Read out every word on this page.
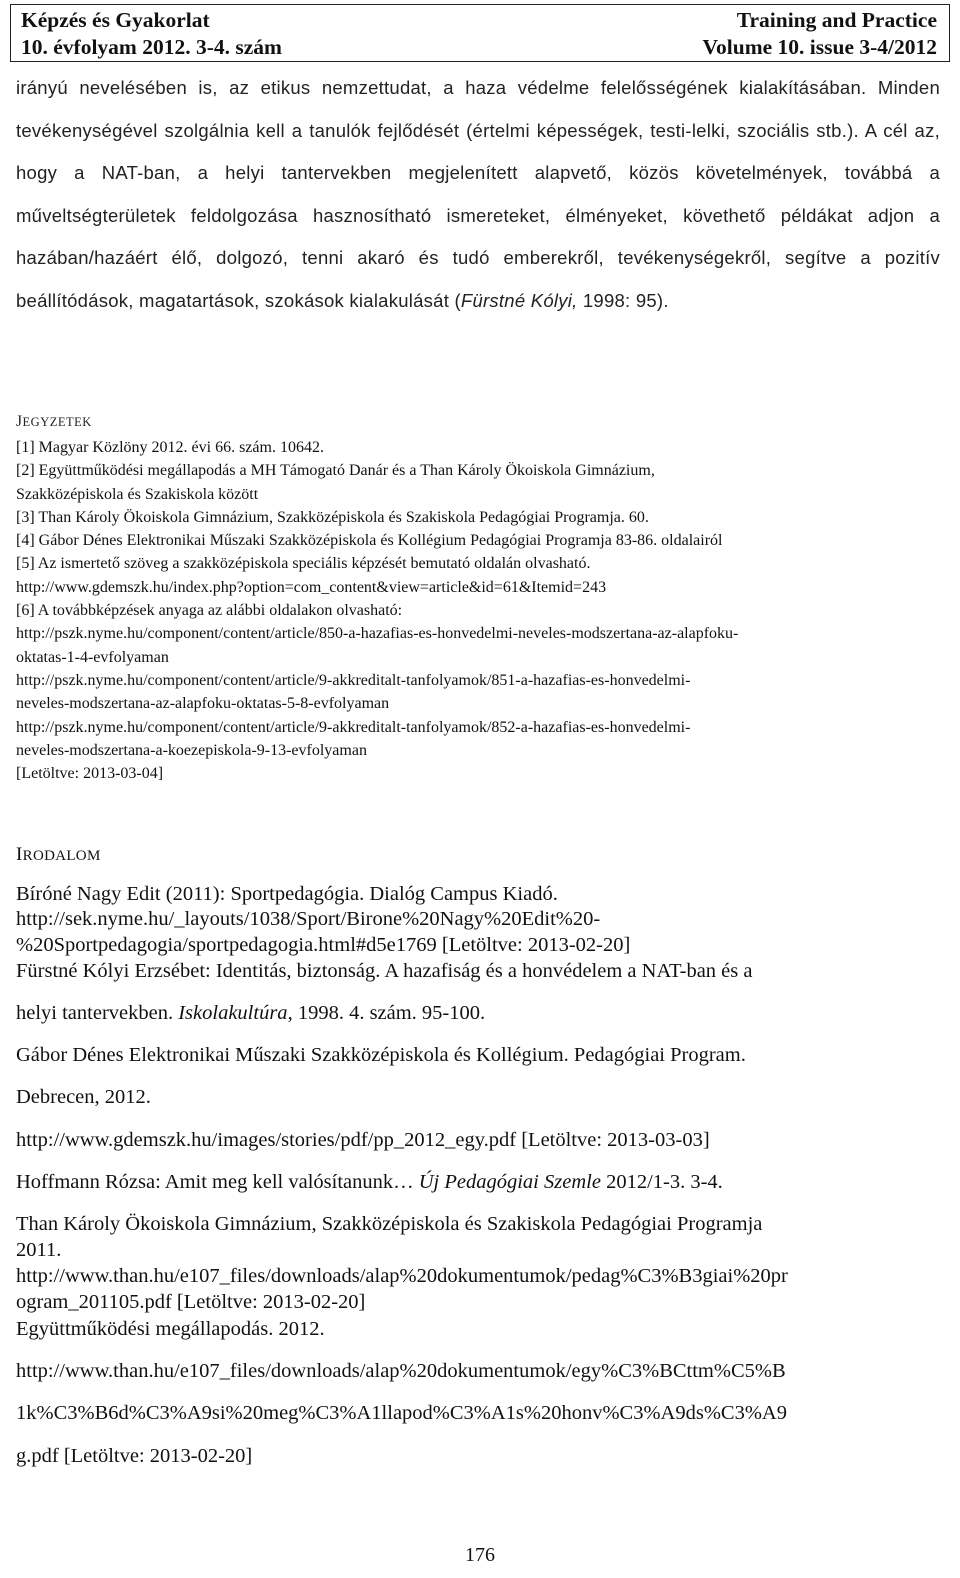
Képzés és Gyakorlat
10. évfolyam 2012. 3-4. szám
Training and Practice
Volume 10. issue 3-4/2012

irányú nevelésében is, az etikus nemzettudat, a haza védelme felelősségének kialakításában. Minden tevékenységével szolgálnia kell a tanulók fejlődését (értelmi képességek, testi-lelki, szociális stb.). A cél az, hogy a NAT-ban, a helyi tantervekben megjelenített alapvető, közös követelmények, továbbá a műveltségterületek feldolgozása hasznosítható ismereteket, élményeket, követhető példákat adjon a hazában/hazáért élő, dolgozó, tenni akaró és tudó emberekről, tevékenységekről, segítve a pozitív beállítódások, magatartások, szokások kialakulását (Fürstné Kólyi, 1998: 95).

JEGYZETEK
[1] Magyar Közlöny 2012. évi 66. szám. 10642.
[2] Együttműködési megállapodás a MH Támogató Danár és a Than Károly Ökoiskola Gimnázium,
Szakközépiskola és Szakiskola között
[3] Than Károly Ökoiskola Gimnázium, Szakközépiskola és Szakiskola Pedagógiai Programja. 60.
[4] Gábor Dénes Elektronikai Műszaki Szakközépiskola és Kollégium Pedagógiai Programja 83-86. oldalairól
[5] Az ismertető szöveg a szakközépiskola speciális képzését bemutató oldalán olvasható.
http://www.gdemszk.hu/index.php?option=com_content&view=article&id=61&Itemid=243
[6] A továbbképzések anyaga az alábbi oldalakon olvasható:
http://pszk.nyme.hu/component/content/article/850-a-hazafias-es-honvedelmi-neveles-modszertana-az-alapfoku-
oktatas-1-4-evfolyaman
http://pszk.nyme.hu/component/content/article/9-akkreditalt-tanfolyamok/851-a-hazafias-es-honvedelmi-
neveles-modszertana-az-alapfoku-oktatas-5-8-evfolyaman
http://pszk.nyme.hu/component/content/article/9-akkreditalt-tanfolyamok/852-a-hazafias-es-honvedelmi-
neveles-modszertana-a-koezepiskola-9-13-evfolyaman
[Letöltve: 2013-03-04]
IRODALOM
Bíróné Nagy Edit (2011): Sportpedagógia. Dialóg Campus Kiadó.
http://sek.nyme.hu/_layouts/1038/Sport/Birone%20Nagy%20Edit%20-
%20Sportpedagogia/sportpedagogia.html#d5e1769 [Letöltve: 2013-02-20]
Fürstné Kólyi Erzsébet: Identitás, biztonság. A hazafiság és a honvédelem a NAT-ban és a
helyi tantervekben. Iskolakultúra, 1998. 4. szám. 95-100.
Gábor Dénes Elektronikai Műszaki Szakközépiskola és Kollégium. Pedagógiai Program.
Debrecen, 2012.
http://www.gdemszk.hu/images/stories/pdf/pp_2012_egy.pdf [Letöltve: 2013-03-03]
Hoffmann Rózsa: Amit meg kell valósítanunk… Új Pedagógiai Szemle 2012/1-3. 3-4.
Than Károly Ökoiskola Gimnázium, Szakközépiskola és Szakiskola Pedagógiai Programja
2011.
http://www.than.hu/e107_files/downloads/alap%20dokumentumok/pedag%C3%B3giai%20pr
ogram_201105.pdf [Letöltve: 2013-02-20]
Együttműködési megállapodás. 2012.
http://www.than.hu/e107_files/downloads/alap%20dokumentumok/egy%C3%BCttm%C5%B
1k%C3%B6d%C3%A9si%20meg%C3%A1llapod%C3%A1s%20honv%C3%A9ds%C3%A9
g.pdf [Letöltve: 2013-02-20]
176
